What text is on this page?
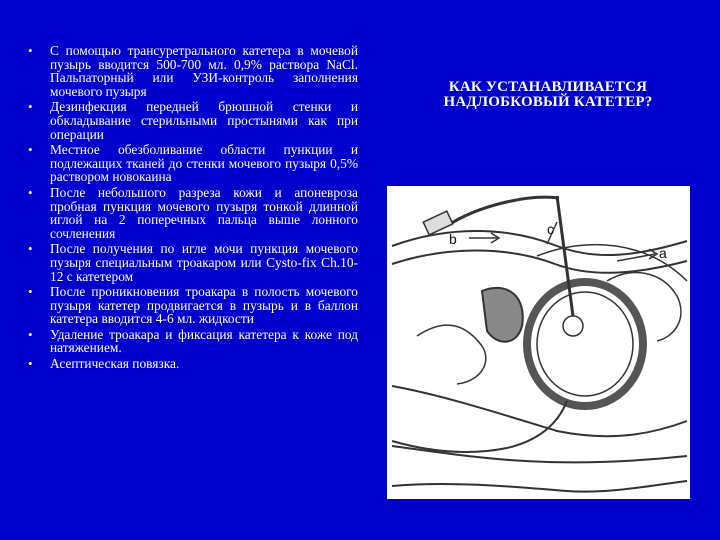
• С помощью трансуретрального катетера в мочевой пузырь вводится 500-700 мл. 0,9% раствора NaCl. Пальпаторный или УЗИ-контроль заполнения мочевого пузыря
• Дезинфекция передней брюшной стенки и обкладывание стерильными простынями как при операции
• Местное обезболивание области пункции и подлежащих тканей до стенки мочевого пузыря 0,5% раствором новокаина
• После небольшого разреза кожи и апоневроза пробная пункция мочевого пузыря тонкой длинной иглой на 2 поперечных пальца выше лонного сочленения
• После получения по игле мочи пункция мочевого пузыря специальным троакаром или Cysto-fix Ch.10-12 с катетером
• После проникновения троакара в полость мочевого пузыря катетер продвигается в пузырь и в баллон катетера вводится 4-6 мл. жидкости
• Удаление троакара и фиксация катетера к коже под натяжением.
• Асептическая повязка.
КАК УСТАНАВЛИВАЕТСЯ НАДЛОБКОВЫЙ КАТЕТЕР?
b
c
a
